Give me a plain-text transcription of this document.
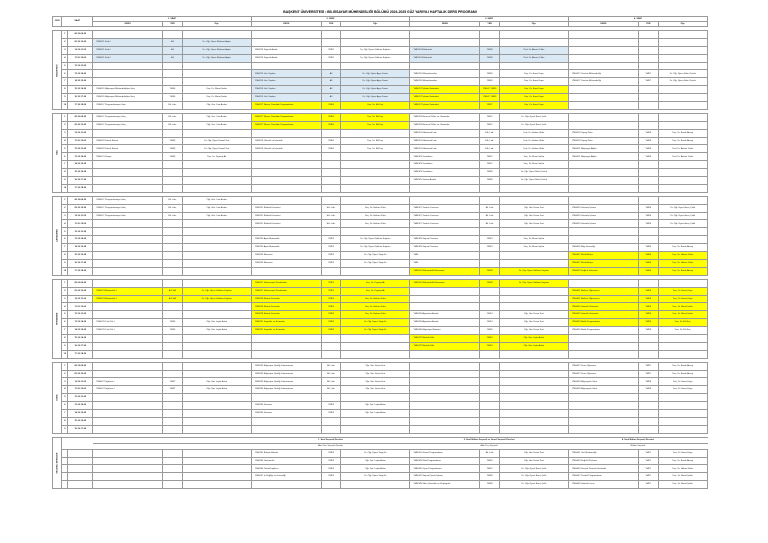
BAŞKENT ÜNİVERSİTESİ • BİLGİSAYAR MÜHENDİSLİĞİ BÖLÜMÜ 2024-2025 GÜZ YARIYILI HAFTALIK DERS PROGRAMI
GÜN	SAAT		1. SINIF			2. SINIF			3. SINIF			4. SINIF		
			DERS	YER	Öğr.	DERS	YER	Öğr.	DERS	YER	Öğr.	DERS	YER	Öğr.

PAZARTESİ	1	08.10-09.00												
	2	09.10-10.00	YMH111 Fizik I	A3	Dr. Öğr. Üyesi Mehmet Aydın									
	3	10.10-11.00	YMH111 Fizik I	A3	Dr. Öğr. Üyesi Mehmet Aydın	YMH213 Sayısal Analiz	YMF2	Dr. Öğr. Üyesi Gökhan Kayhan	YMH311 Elektronik	YMF8	Prof. Dr. Ahmet Yıldız			
	4	11.10-12.00	YMH111 Fizik I	A3	Dr. Öğr. Üyesi Mehmet Aydın	YMH213 Sayısal Analiz	YMF2	Dr. Öğr. Üyesi Gökhan Kayhan	YMH311 Elektronik	YMF8	Prof. Dr. Ahmet Yıldız			
	5	12.10-13.00												
	6	13.10-14.00				YMH215 Veri Yapıları	A3	Dr. Öğr. Üyesi Ayşe Demir	YMH315 Mikroişlemciler	YMF6	Doç. Dr. Emre Kaya	YMH417 Yazılım Mühendisliği	YMF7	Dr. Öğr. Üyesi Selin Öztürk
	7	14.10-15.00				YMH215 Veri Yapıları	A3	Dr. Öğr. Üyesi Ayşe Demir	YMH315 Mikroişlemciler	YMF6	Doç. Dr. Emre Kaya	YMH417 Yazılım Mühendisliği	YMF7	Dr. Öğr. Üyesi Selin Öztürk
	8	15.10-16.00	YMH115 Bilgisayar Mühendisliğine Giriş	YMF4	Doç. Dr. Murat Şahin	YMH215 Veri Yapıları	A3	Dr. Öğr. Üyesi Ayşe Demir	YMH317 İşletim Sistemleri	YMF4 / YMF5	Doç. Dr. Emre Kaya			
	9	16.10-17.00	YMH115 Bilgisayar Mühendisliğine Giriş	YMF4	Doç. Dr. Murat Şahin	YMH215 Veri Yapıları	A3	Dr. Öğr. Üyesi Ayşe Demir	YMH317 İşletim Sistemleri	YMF4 / YMF5	Doç. Dr. Emre Kaya			
	10	17.10-18.00	YMH117 Programlamaya Giriş	Bil. Lab.	Öğr. Gör. Can Arslan	YMH217 Nesne Yönelimli Programlama	YMF6	Doç. Dr. Elif Koç	YMH317 İşletim Sistemleri	YMF7	Doç. Dr. Emre Kaya			

SALI	1	08.10-09.00	YMH117 Programlamaya Giriş	Bil. Lab.	Öğr. Gör. Can Arslan	YMH217 Nesne Yönelimli Programlama	YMF6	Doç. Dr. Elif Koç	YMH319 Biçimsel Diller ve Otomatlar	YMF7	Dr. Öğr. Üyesi Barış Çelik			
	2	09.10-10.00	YMH117 Programlamaya Giriş	Bil. Lab.	Öğr. Gör. Can Arslan	YMH217 Nesne Yönelimli Programlama	YMF6	Doç. Dr. Elif Koç	YMH319 Biçimsel Diller ve Otomatlar	YMF7	Dr. Öğr. Üyesi Barış Çelik			
	3	10.10-11.00							YMH321 Elektronik Lab.	Elk. Lab.	Doç. Dr. Hakan Güler	YMH419 Yapay Zeka	YMF6	Doç. Dr. Burak Aksoy
	4	11.10-12.00	YMH119 Teknik Resim	YMF4	Dr. Öğr. Üyesi Kemal Yurt	YMH219 Olasılık ve İstatistik	YMF6	Doç. Dr. Elif Koç	YMH321 Elektronik Lab.	Elk. Lab.	Doç. Dr. Hakan Güler	YMH419 Yapay Zeka	YMF6	Doç. Dr. Burak Aksoy
	5	12.10-13.00	YMH119 Teknik Resim	YMF4	Dr. Öğr. Üyesi Kemal Yurt	YMH219 Olasılık ve İstatistik	YMF6	Doç. Dr. Elif Koç	YMH321 Elektronik Lab.	Elk. Lab.	Doç. Dr. Hakan Güler	YMH421 Bilgisayar Ağları	YMF6	Prof. Dr. Ahmet Yıldız
	6	13.10-14.00	YMH121 Kimya	YMF4	Doç. Dr. Zeynep Ak				YMH323 Veritabanı	YMF7	Doç. Dr. Murat Şahin	YMH421 Bilgisayar Ağları	YMF6	Prof. Dr. Ahmet Yıldız
	7	14.10-15.00							YMH323 Veritabanı	YMF7	Doç. Dr. Murat Şahin			
	8	15.10-16.00							YMH323 Veritabanı	YMF8	Dr. Öğr. Üyesi Selin Öztürk			
	9	16.10-17.00							YMH325 Sistem Analizi	YMF8	Dr. Öğr. Üyesi Selin Öztürk			
	10	17.10-18.00												

ÇARŞAMBA	1	08.10-09.00	YMH117 Programlamaya Giriş	Bil. Lab.	Öğr. Gör. Can Arslan									
	2	09.10-10.00	YMH117 Programlamaya Giriş	Bil. Lab.	Öğr. Gör. Can Arslan	YMH221 Elektrik Devreleri	Elk. Lab.	Doç. Dr. Hakan Güler	YMH327 Yazılım Tasarımı	Bil. Lab.	Öğr. Gör. Deniz Kurt	YMH423 Görüntü İşleme	YMF6	Dr. Öğr. Üyesi Barış Çelik
	3	10.10-11.00	YMH117 Programlamaya Giriş	Bil. Lab.	Öğr. Gör. Can Arslan	YMH221 Elektrik Devreleri	Elk. Lab.	Doç. Dr. Hakan Güler	YMH327 Yazılım Tasarımı	Bil. Lab.	Öğr. Gör. Deniz Kurt	YMH423 Görüntü İşleme	YMF6	Dr. Öğr. Üyesi Barış Çelik
	4	11.10-12.00				YMH221 Elektrik Devreleri	Elk. Lab.	Doç. Dr. Hakan Güler	YMH327 Yazılım Tasarımı	Bil. Lab.	Öğr. Gör. Deniz Kurt	YMH423 Görüntü İşleme	YMF6	Dr. Öğr. Üyesi Barış Çelik
	5	12.10-13.00												
	6	13.10-14.00				YMH223 Ayrık Matematik	YMF3	Dr. Öğr. Üyesi Gökhan Kayhan	YMH329 Sayısal Tasarım	YMF3	Doç. Dr. Murat Şahin			
	7	14.10-15.00				YMH223 Ayrık Matematik	YMF3	Dr. Öğr. Üyesi Gökhan Kayhan	YMH329 Sayısal Tasarım	YMF3	Doç. Dr. Murat Şahin	YMH425 Bilgi Güvenliği	YMF6	Doç. Dr. Burak Aksoy
	8	15.10-16.00				YMH225 Ekonomi	YMF3	Dr. Öğr. Üyesi Tolga Er	YMH			YMH427 Bulut Bilişim	YMF6	Doç. Dr. Hakan Güler
	9	16.10-17.00				YMH225 Ekonomi	YMF3	Dr. Öğr. Üyesi Tolga Er	YMH			YMH427 Bulut Bilişim	YMF6	Doç. Dr. Hakan Güler
	10	17.10-18.00							YMH331 Mühendislik Ekonomisi	YMF8	Dr. Öğr. Üyesi Gökhan Kayhan	YMH429 Dağıtık Sistemler	YMF6	Doç. Dr. Burak Aksoy

PERŞEMBE	1	08.10-09.00				YMH227 Diferansiyel Denklemler	YMF3	Doç. Dr. Zeynep Ak	YMH331 Mühendislik Ekonomisi	YMF8	Dr. Öğr. Üyesi Gökhan Kayhan			
	2	09.10-10.00	YMH123 Matematik I	A3 / A4	Dr. Öğr. Üyesi Gökhan Kayhan	YMH227 Diferansiyel Denklemler	YMF3	Doç. Dr. Zeynep Ak				YMH431 Makine Öğrenmesi	YMF6	Doç. Dr. Emre Kaya
	3	10.10-11.00	YMH123 Matematik I	A3 / A4	Dr. Öğr. Üyesi Gökhan Kayhan	YMH229 Mantık Devreleri	YMF3	Doç. Dr. Hakan Güler				YMH431 Makine Öğrenmesi	YMF6	Doç. Dr. Emre Kaya
	4	11.10-12.00				YMH229 Mantık Devreleri	YMF3	Doç. Dr. Hakan Güler				YMH433 Gömülü Sistemler	YMF6	Doç. Dr. Murat Şahin
	5	12.10-13.00				YMH229 Mantık Devreleri	YMF3	Doç. Dr. Hakan Güler	YMH333 Algoritma Analizi	YMF4	Öğr. Gör. Deniz Kurt	YMH433 Gömülü Sistemler	YMF6	Doç. Dr. Murat Şahin
	6	13.10-14.00	YMH125 Türk Dili I	YMF4	Öğr. Gör. Leyla Aslan	YMH231 Sinyaller ve Sistemler	YMF3	Dr. Öğr. Üyesi Tolga Er	YMH333 Algoritma Analizi	YMF4	Öğr. Gör. Deniz Kurt	YMH435 Mobil Programlama	YMF6	Doç. Dr. Elif Koç
	7	14.10-15.00	YMH125 Türk Dili I	YMF4	Öğr. Gör. Leyla Aslan	YMH231 Sinyaller ve Sistemler	YMF3	Dr. Öğr. Üyesi Tolga Er	YMH335 Bilgisayar Mimarisi	YMF6	Öğr. Gör. Deniz Kurt	YMH435 Mobil Programlama	YMF6	Doç. Dr. Elif Koç
	8	15.10-16.00							YMH337 Mesleki Etik	YMF4	Öğr. Gör. Leyla Aslan			
	9	16.10-17.00							YMH337 Mesleki Etik	YMF4	Öğr. Gör. Leyla Aslan			
	10	17.10-18.00												

CUMA	1	08.10-09.00				YMH233 Bilgisayar Grafiği Laboratuvarı	Bil. Lab.	Öğr. Gör. Deniz Kurt				YMH437 Derin Öğrenme	YMF7	Doç. Dr. Burak Aksoy
	2	09.10-10.00				YMH233 Bilgisayar Grafiği Laboratuvarı	Bil. Lab.	Öğr. Gör. Deniz Kurt				YMH437 Derin Öğrenme	YMF7	Doç. Dr. Burak Aksoy
	3	10.10-11.00	YMH127 İngilizce I	YMF7	Öğr. Gör. Leyla Aslan	YMH233 Bilgisayar Grafiği Laboratuvarı	Bil. Lab.	Öğr. Gör. Deniz Kurt				YMH439 Bilgisayarlı Görü	YMF6	Doç. Dr. Emre Kaya
	4	11.10-12.00	YMH127 İngilizce I	YMF7	Öğr. Gör. Leyla Aslan	YMH233 Bilgisayar Grafiği Laboratuvarı	Bil. Lab.	Öğr. Gör. Deniz Kurt				YMH439 Bilgisayarlı Görü	YMF6	Doç. Dr. Emre Kaya
	5	12.10-13.00												
	6	13.10-14.00				YMH235 Seminer	YMF3	Öğr. Gör. Leyla Aslan						
	7	14.10-15.00				YMH235 Seminer	YMF3	Öğr. Gör. Leyla Aslan						
	8	15.10-16.00												
	9	16.10-17.00												

SEÇMELİ DERSLER						1. Sınıf Seçmeli Dersleri			2. Sınıf Bölüm Seçmeli ve Genel Seçmeli Dersleri			4. Sınıf Bölüm Seçmeli Dersleri		
						Alan Dışı Seçmeli Dersler			Alan Dışı Seçmeli			Bölüm Seçmeli		
						YMH241 Bilişim Hukuku	YMF3	Dr. Öğr. Üyesi Tolga Er	YMH341 Görsel Programlama	Bil. Lab.	Öğr. Gör. Deniz Kurt	YMH441 Veri Madenciliği	YMF7	Doç. Dr. Emre Kaya
						YMH243 Girişimcilik	YMF3	Öğr. Gör. Leyla Aslan	YMH343 Web Programlama	YMF6	Öğr. Gör. Deniz Kurt	YMH443 Doğal Dil İşleme	YMF7	Doç. Dr. Burak Aksoy
						YMH245 Teknik İngilizce	YMF3	Öğr. Gör. Leyla Aslan	YMH345 Oyun Programlama	YMF7	Dr. Öğr. Üyesi Barış Çelik	YMH445 Gerçek Zamanlı Sistemler	YMF7	Doç. Dr. Hakan Güler
						YMH247 İş Sağlığı ve Güvenliği	YMF3	Dr. Öğr. Üyesi Tolga Er	YMH347 Sayısal İşaret İşleme	YMF8	Dr. Öğr. Üyesi Barış Çelik	YMH447 Paralel Programlama	YMF7	Doç. Dr. Murat Şahin
									YMH349 Siber Güvenlik ve Kriptografi	YMF8	Dr. Öğr. Üyesi Barış Çelik	YMH449 Gömülü Linux	YMF7	Doç. Dr. Murat Şahin
